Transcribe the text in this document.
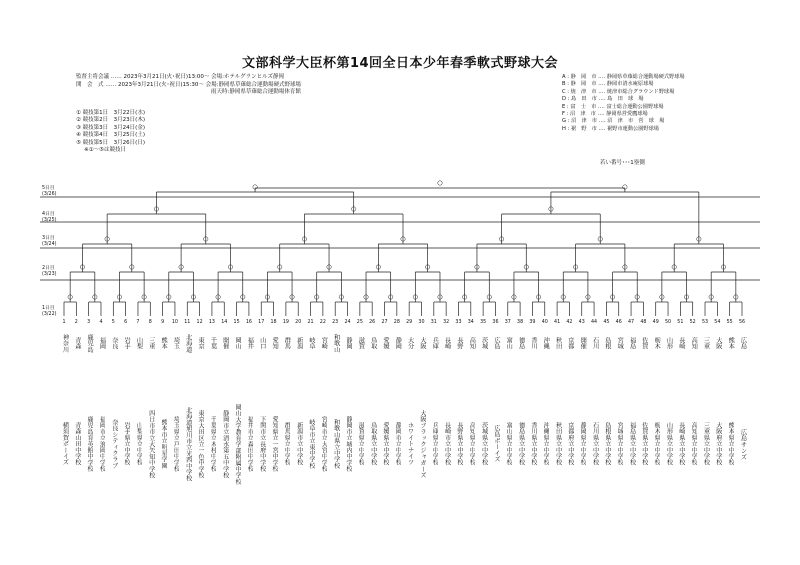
文部科学大臣杯第14回全日本少年春季軟式野球大会
監督主将会議 ‥‥‥ 2023年3月21日(火･祝日)13:00～ 会場:ホテルグランヒルズ静岡
開　会　式 ‥‥‥ 2023年3月21日(火･祝日)15:30～ 会場:静岡県草薙総合運動場硬式野球場
雨天時:静岡県草薙総合運動場体育館
① 競技第1日　3月22日(水)
② 競技第2日　3月23日(木)
③ 競技第3日　3月24日(金)
④ 競技第4日　3月25日(土)
⑤ 競技第5日　3月26日(日)
※①～⑤は競技日
A : 静　岡　市 ‥‥ 静岡県草薙総合運動場硬式野球場
B : 静　岡　市 ‥‥ 静岡市清水庵原球場
C : 焼　津　市 ‥‥ 焼津市総合グラウンド野球場
D : 島　田　市 ‥‥ 島　田　球　場
E : 富　士　市 ‥‥ 富士総合運動公園野球場
F : 沼　津　市 ‥‥ 静岡県営愛鷹球場
G : 沼　津　市 ‥‥ 沼　津　市　営　球　場
H : 裾　野　市 ‥‥ 裾野市運動公園野球場
若い番号･･･1塁側
5日目
(3/26)
4日目
(3/25)
3日目
(3/24)
2日目
(3/23)
1日目
(3/22)
1
神奈川
横須賀ボーイズ
2
青森
青森山田中学校
3
鹿児島
鹿児島育英館中学校
4
福岡
福岡市立浪岡中学校
5
奈良
奈良シティクラブ
6
岩手
岩手県立中学校
7
山梨
山梨県立中学校
8
三重
四日市市立大矢知中学校
9
熊本
熊本市立明星学園
10
埼玉
埼玉県立戸田中学校
11
北海道
北海道旭川市立光西中学校
12
東京
東京大田区立一色中学校
13
千葉
千葉県立木村中学校
14
開催
静岡市立清水第五中学校
15
岡山
岡山大学教育学部附属中学校
16
福井
福井市立森田中学校
17
山口
下関市立長府中学校
18
愛知
愛知県立一宮中学校
19
群馬
群馬県立中学校
20
新潟
新潟市立中学校
21
岐阜
岐阜市立東中学校
22
宮崎
宮崎市立大宮中学校
23
和歌山
和歌山県立中学校
24
静岡
静岡市立城内中学校
25
滋賀
滋賀県立中学校
26
鳥取
鳥取県立中学校
27
愛媛
愛媛県立中学校
28
静岡
静岡市立中学校
29
大分
ホワイトナイツ
30
大阪
大阪ブラックジャガーズ
31
兵庫
兵庫県立中学校
32
長崎
長崎市立中学校
33
長野
長野県立中学校
34
高知
高知県立中学校
35
茨城
茨城県立中学校
36
広島
広島ボーイズ
37
富山
富山県立中学校
38
徳島
徳島県立中学校
39
香川
香川県立中学校
40
沖縄
沖縄県立中学校
41
秋田
秋田県立中学校
42
京都
京都府立中学校
43
開催
静岡県立中学校
44
石川
石川県立中学校
45
島根
島根県立中学校
46
宮城
宮城県立中学校
47
福島
福島県立中学校
48
佐賀
佐賀県立中学校
49
栃木
栃木県立中学校
50
山形
山形県立中学校
51
長崎
長崎県立中学校
52
高知
高知県立中学校
53
三重
三重県立中学校
54
大阪
大阪府立中学校
55
熊本
熊本県立中学校
56
広島
広島サンズ
